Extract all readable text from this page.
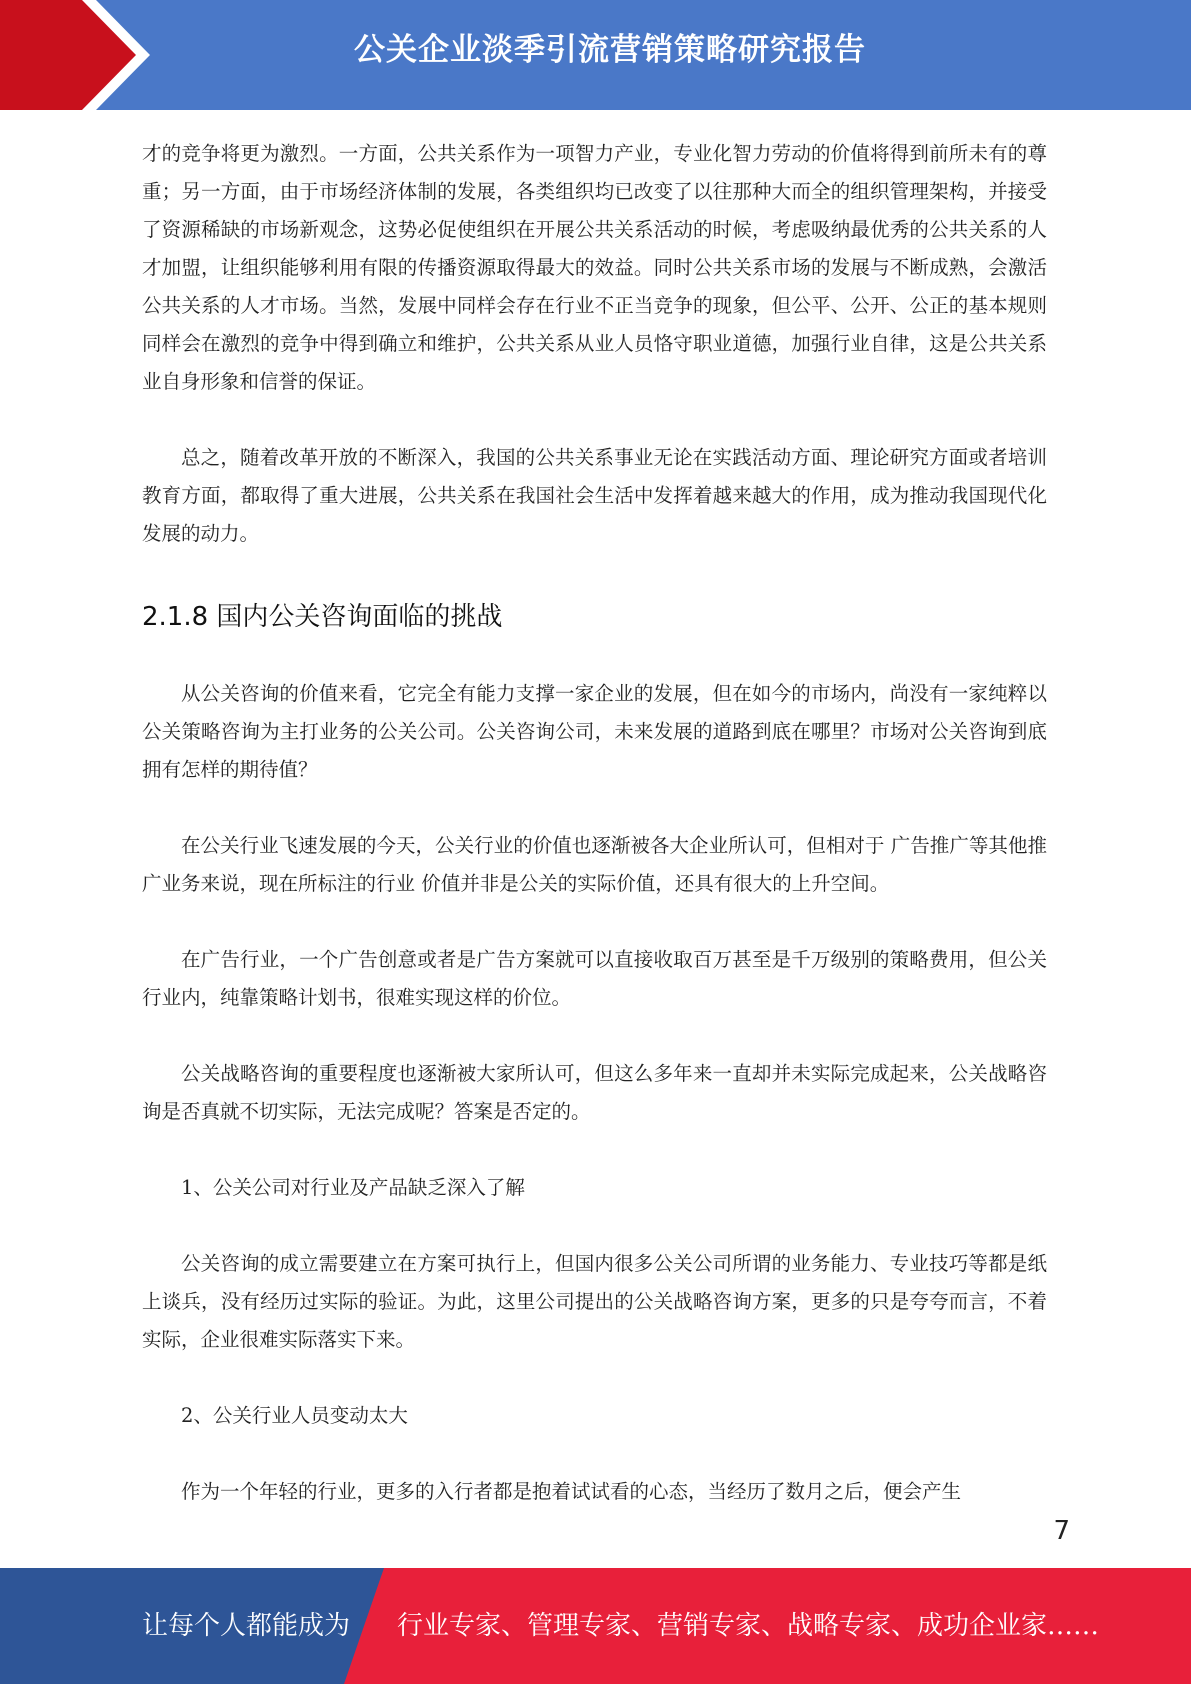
公关企业淡季引流营销策略研究报告

才的竞争将更为激烈。一方面，公共关系作为一项智力产业，专业化智力劳动的价值将得到前所未有的尊重；另一方面，由于市场经济体制的发展，各类组织均已改变了以往那种大而全的组织管理架构，并接受了资源稀缺的市场新观念，这势必促使组织在开展公共关系活动的时候，考虑吸纳最优秀的公共关系的人才加盟，让组织能够利用有限的传播资源取得最大的效益。同时公共关系市场的发展与不断成熟，会激活公共关系的人才市场。当然，发展中同样会存在行业不正当竞争的现象，但公平、公开、公正的基本规则同样会在激烈的竞争中得到确立和维护，公共关系从业人员恪守职业道德，加强行业自律，这是公共关系业自身形象和信誉的保证。

总之，随着改革开放的不断深入，我国的公共关系事业无论在实践活动方面、理论研究方面或者培训教育方面，都取得了重大进展，公共关系在我国社会生活中发挥着越来越大的作用，成为推动我国现代化发展的动力。

2.1.8 国内公关咨询面临的挑战

从公关咨询的价值来看，它完全有能力支撑一家企业的发展，但在如今的市场内，尚没有一家纯粹以公关策略咨询为主打业务的公关公司。公关咨询公司，未来发展的道路到底在哪里？市场对公关咨询到底拥有怎样的期待值？

在公关行业飞速发展的今天，公关行业的价值也逐渐被各大企业所认可，但相对于 广告推广等其他推广业务来说，现在所标注的行业 价值并非是公关的实际价值，还具有很大的上升空间。

在广告行业，一个广告创意或者是广告方案就可以直接收取百万甚至是千万级别的策略费用，但公关行业内，纯靠策略计划书，很难实现这样的价位。

公关战略咨询的重要程度也逐渐被大家所认可，但这么多年来一直却并未实际完成起来，公关战略咨询是否真就不切实际，无法完成呢？答案是否定的。

1、公关公司对行业及产品缺乏深入了解

公关咨询的成立需要建立在方案可执行上，但国内很多公关公司所谓的业务能力、专业技巧等都是纸上谈兵，没有经历过实际的验证。为此，这里公司提出的公关战略咨询方案，更多的只是夸夸而言，不着实际，企业很难实际落实下来。

2、公关行业人员变动太大

作为一个年轻的行业，更多的入行者都是抱着试试看的心态，当经历了数月之后，便会产生

7
让每个人都能成为 行业专家、管理专家、营销专家、战略专家、成功企业家……
